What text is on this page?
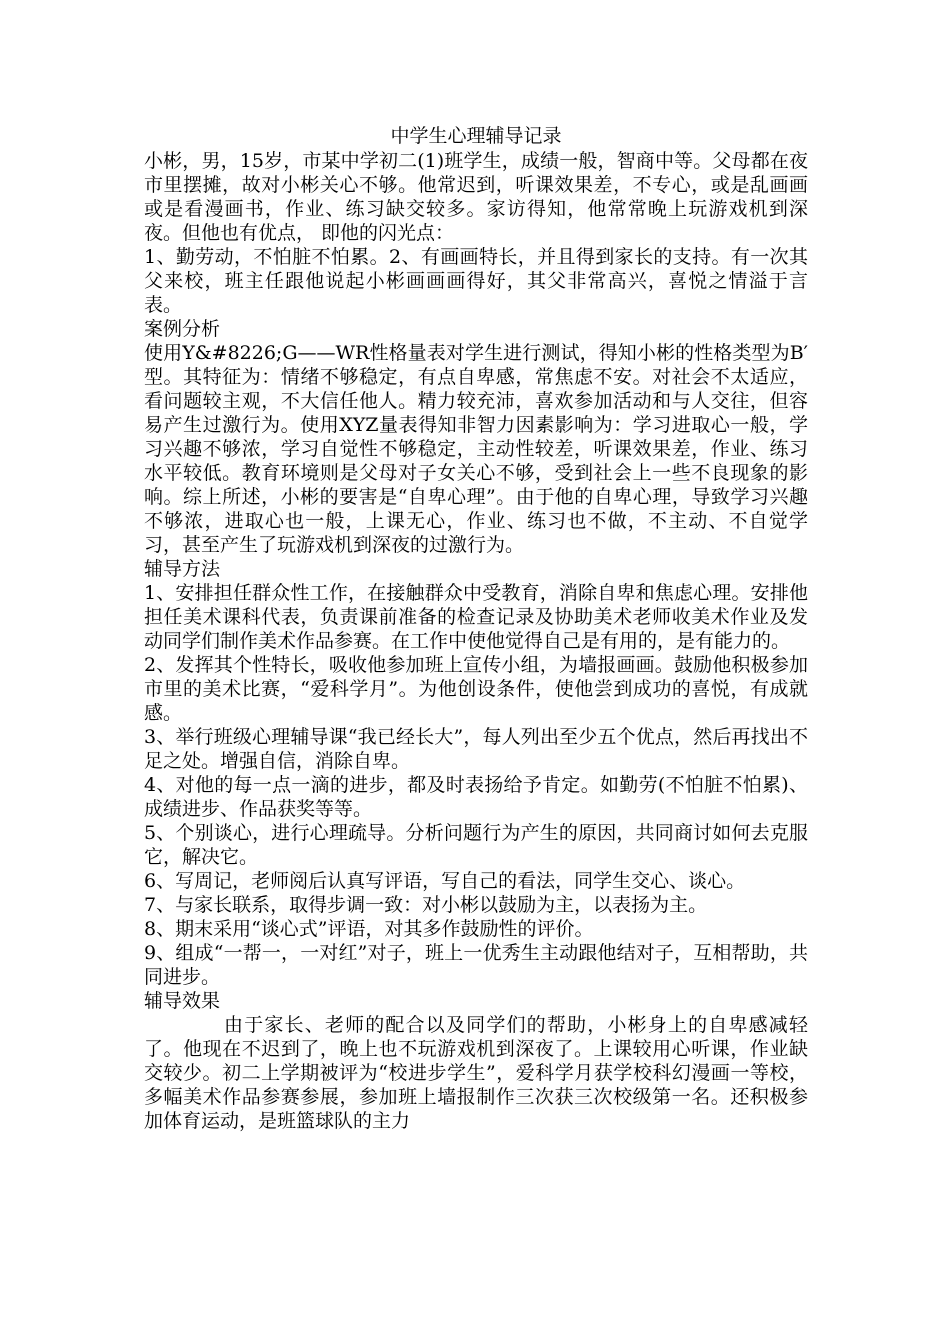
中学生心理辅导记录

小彬，男，15岁，市某中学初二(1)班学生，成绩一般，智商中等。父母都在夜市里摆摊，故对小彬关心不够。他常迟到，听课效果差，不专心，或是乱画画或是看漫画书，作业、练习缺交较多。家访得知，他常常晚上玩游戏机到深夜。但他也有优点， 即他的闪光点：

1、勤劳动，不怕脏不怕累。2、有画画特长，并且得到家长的支持。有一次其父来校，班主任跟他说起小彬画画画得好，其父非常高兴，喜悦之情溢于言表。

案例分析

使用Y&#8226;G——WR性格量表对学生进行测试，得知小彬的性格类型为B′型。其特征为：情绪不够稳定，有点自卑感，常焦虑不安。对社会不太适应，看问题较主观，不大信任他人。精力较充沛，喜欢参加活动和与人交往，但容易产生过激行为。使用XYZ量表得知非智力因素影响为：学习进取心一般，学习兴趣不够浓，学习自觉性不够稳定，主动性较差，听课效果差，作业、练习水平较低。教育环境则是父母对子女关心不够，受到社会上一些不良现象的影响。综上所述，小彬的要害是“自卑心理”。由于他的自卑心理，导致学习兴趣不够浓，进取心也一般，上课无心，作业、练习也不做，不主动、不自觉学习，甚至产生了玩游戏机到深夜的过激行为。

辅导方法

1、安排担任群众性工作，在接触群众中受教育，消除自卑和焦虑心理。安排他担任美术课科代表，负责课前准备的检查记录及协助美术老师收美术作业及发动同学们制作美术作品参赛。在工作中使他觉得自己是有用的，是有能力的。

2、发挥其个性特长，吸收他参加班上宣传小组，为墙报画画。鼓励他积极参加市里的美术比赛，“爱科学月”。为他创设条件，使他尝到成功的喜悦，有成就感。

3、举行班级心理辅导课“我已经长大”，每人列出至少五个优点，然后再找出不足之处。增强自信，消除自卑。

4、对他的每一点一滴的进步，都及时表扬给予肯定。如勤劳(不怕脏不怕累)、成绩进步、作品获奖等等。

5、个别谈心，进行心理疏导。分析问题行为产生的原因，共同商讨如何去克服它，解决它。

6、写周记，老师阅后认真写评语，写自己的看法，同学生交心、谈心。

7、与家长联系，取得步调一致：对小彬以鼓励为主，以表扬为主。

8、期末采用“谈心式”评语，对其多作鼓励性的评价。

9、组成“一帮一，一对红”对子，班上一优秀生主动跟他结对子，互相帮助，共同进步。

辅导效果

由于家长、老师的配合以及同学们的帮助，小彬身上的自卑感减轻了。他现在不迟到了，晚上也不玩游戏机到深夜了。上课较用心听课，作业缺交较少。初二上学期被评为“校进步学生”，爱科学月获学校科幻漫画一等校，多幅美术作品参赛参展，参加班上墙报制作三次获三次校级第一名。还积极参加体育运动，是班篮球队的主力
